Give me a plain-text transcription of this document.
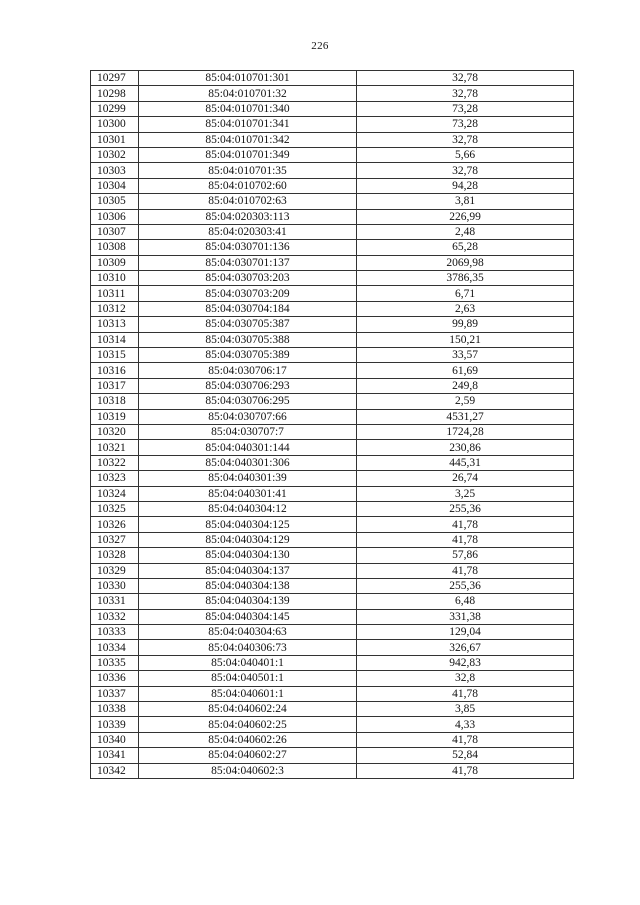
226
10297	85:04:010701:301	32,78
10298	85:04:010701:32	32,78
10299	85:04:010701:340	73,28
10300	85:04:010701:341	73,28
10301	85:04:010701:342	32,78
10302	85:04:010701:349	5,66
10303	85:04:010701:35	32,78
10304	85:04:010702:60	94,28
10305	85:04:010702:63	3,81
10306	85:04:020303:113	226,99
10307	85:04:020303:41	2,48
10308	85:04:030701:136	65,28
10309	85:04:030701:137	2069,98
10310	85:04:030703:203	3786,35
10311	85:04:030703:209	6,71
10312	85:04:030704:184	2,63
10313	85:04:030705:387	99,89
10314	85:04:030705:388	150,21
10315	85:04:030705:389	33,57
10316	85:04:030706:17	61,69
10317	85:04:030706:293	249,8
10318	85:04:030706:295	2,59
10319	85:04:030707:66	4531,27
10320	85:04:030707:7	1724,28
10321	85:04:040301:144	230,86
10322	85:04:040301:306	445,31
10323	85:04:040301:39	26,74
10324	85:04:040301:41	3,25
10325	85:04:040304:12	255,36
10326	85:04:040304:125	41,78
10327	85:04:040304:129	41,78
10328	85:04:040304:130	57,86
10329	85:04:040304:137	41,78
10330	85:04:040304:138	255,36
10331	85:04:040304:139	6,48
10332	85:04:040304:145	331,38
10333	85:04:040304:63	129,04
10334	85:04:040306:73	326,67
10335	85:04:040401:1	942,83
10336	85:04:040501:1	32,8
10337	85:04:040601:1	41,78
10338	85:04:040602:24	3,85
10339	85:04:040602:25	4,33
10340	85:04:040602:26	41,78
10341	85:04:040602:27	52,84
10342	85:04:040602:3	41,78
